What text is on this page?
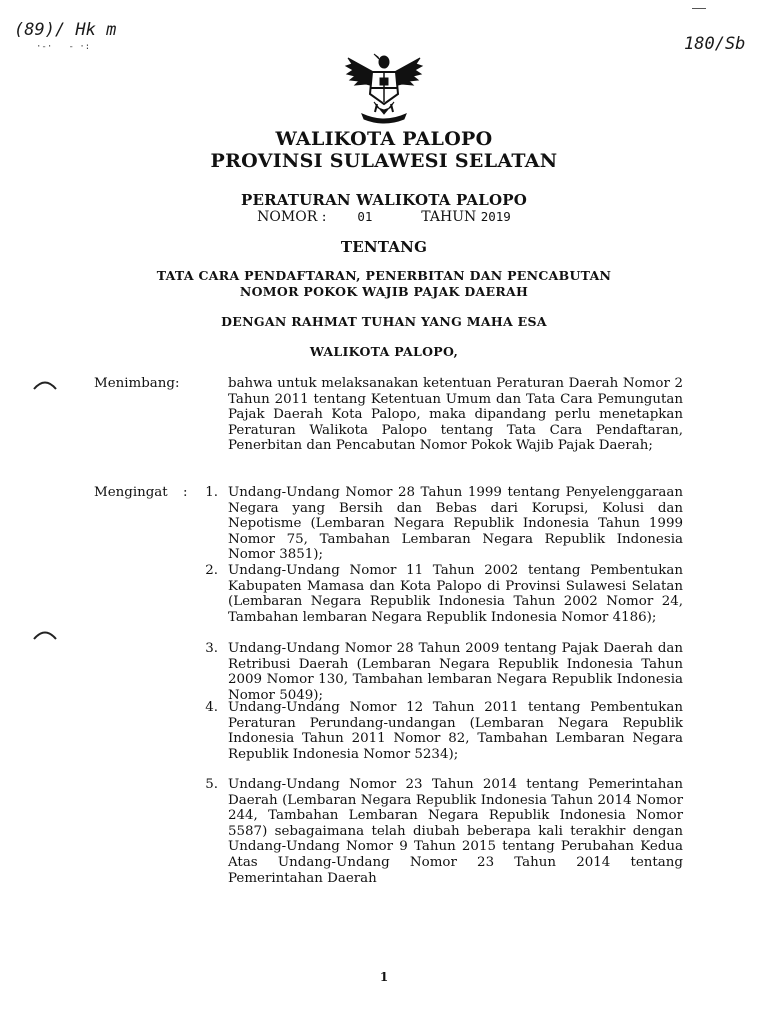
(89)/ Hk m
·-·   - ·:	180/Sb
WALIKOTA PALOPO
PROVINSI SULAWESI SELATAN
PERATURAN WALIKOTA PALOPO
NOMOR : 01	TAHUN 2019
TENTANG
TATA CARA PENDAFTARAN, PENERBITAN DAN PENCABUTAN
NOMOR POKOK WAJIB PAJAK DAERAH
DENGAN RAHMAT TUHAN YANG MAHA ESA
WALIKOTA PALOPO,
Menimbang:	bahwa untuk melaksanakan ketentuan Peraturan Daerah Nomor 2 Tahun 2011 tentang Ketentuan Umum dan Tata Cara Pemungutan Pajak Daerah Kota Palopo, maka dipandang perlu menetapkan Peraturan Walikota Palopo tentang Tata Cara Pendaftaran, Penerbitan dan Pencabutan Nomor Pokok Wajib Pajak Daerah;
Mengingat :	1. Undang-Undang Nomor 28 Tahun 1999 tentang Penyelenggaraan Negara yang Bersih dan Bebas dari Korupsi, Kolusi dan Nepotisme (Lembaran Negara Republik Indonesia Tahun 1999 Nomor 75, Tambahan Lembaran Negara Republik Indonesia Nomor 3851);
2. Undang-Undang Nomor 11 Tahun 2002 tentang Pembentukan Kabupaten Mamasa dan Kota Palopo di Provinsi Sulawesi Selatan (Lembaran Negara Republik Indonesia Tahun 2002 Nomor 24, Tambahan lembaran Negara Republik Indonesia Nomor 4186);
3. Undang-Undang Nomor 28 Tahun 2009 tentang Pajak Daerah dan Retribusi Daerah (Lembaran Negara Republik Indonesia Tahun 2009 Nomor 130, Tambahan lembaran Negara Republik Indonesia Nomor 5049);
4. Undang-Undang Nomor 12 Tahun 2011 tentang Pembentukan Peraturan Perundang-undangan (Lembaran Negara Republik Indonesia Tahun 2011 Nomor 82, Tambahan Lembaran Negara Republik Indonesia Nomor 5234);
5. Undang-Undang Nomor 23 Tahun 2014 tentang Pemerintahan Daerah (Lembaran Negara Republik Indonesia Tahun 2014 Nomor 244, Tambahan Lembaran Negara Republik Indonesia Nomor 5587) sebagaimana telah diubah beberapa kali terakhir dengan Undang-Undang Nomor 9 Tahun 2015 tentang Perubahan Kedua Atas Undang-Undang Nomor 23 Tahun 2014 tentang Pemerintahan Daerah
1
